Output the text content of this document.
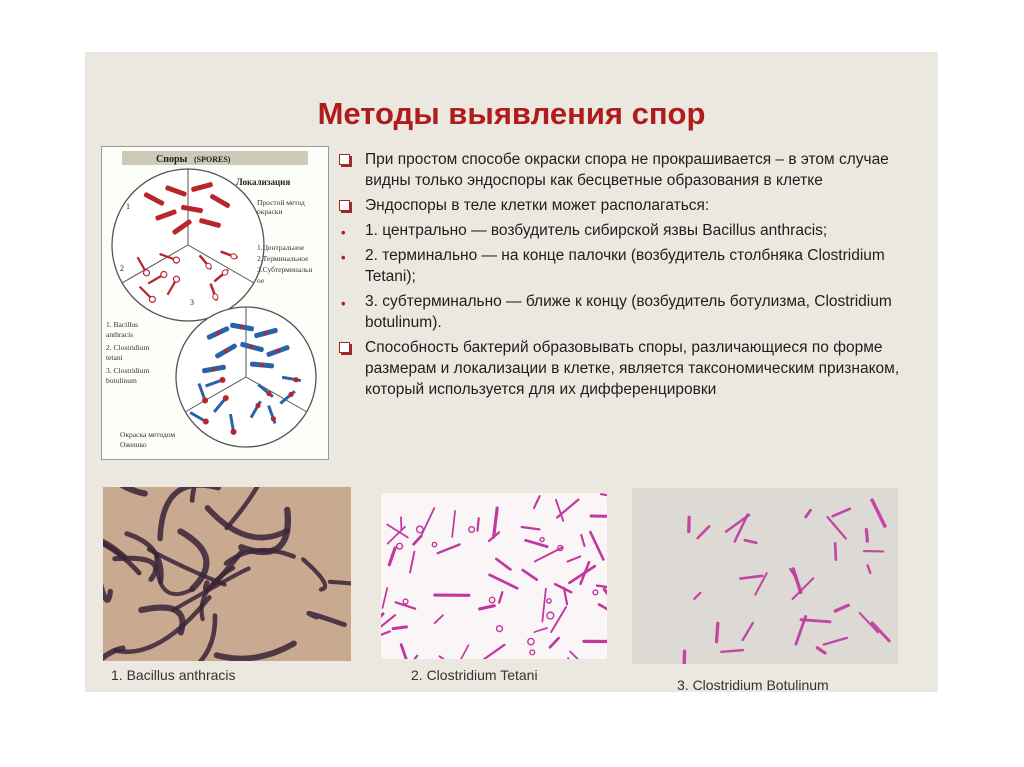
Методы выявления спор
Споры (SPORES)
1
2
3
Локализация
Простой метод
окраски
1.Центральное
2.Терминальное
3.Субтерминальн
ое
1. Bacillus
anthracis
2. Clostridium
tetani
3. Clostridium
botulinum
Окраска методом
Ожешко
При простом способе окраски спора не прокрашивается – в этом случае видны только эндоспоры как бесцветные образования в клетке
Эндоспоры в теле клетки может располагаться:
• 1. центрально — возбудитель сибирской язвы Bacillus anthracis;
• 2. терминально — на конце палочки (возбудитель столбняка Clostridium Tetani);
• 3. субтерминально — ближе к концу (возбудитель ботулизма, Clostridium botulinum).
Способность бактерий образовывать споры, различающиеся по форме размерам и локализации в клетке, является таксономическим признаком, который используется для их дифференцировки
1. Bacillus anthracis	2. Clostridium Tetani
3. Clostridium Botulinum
